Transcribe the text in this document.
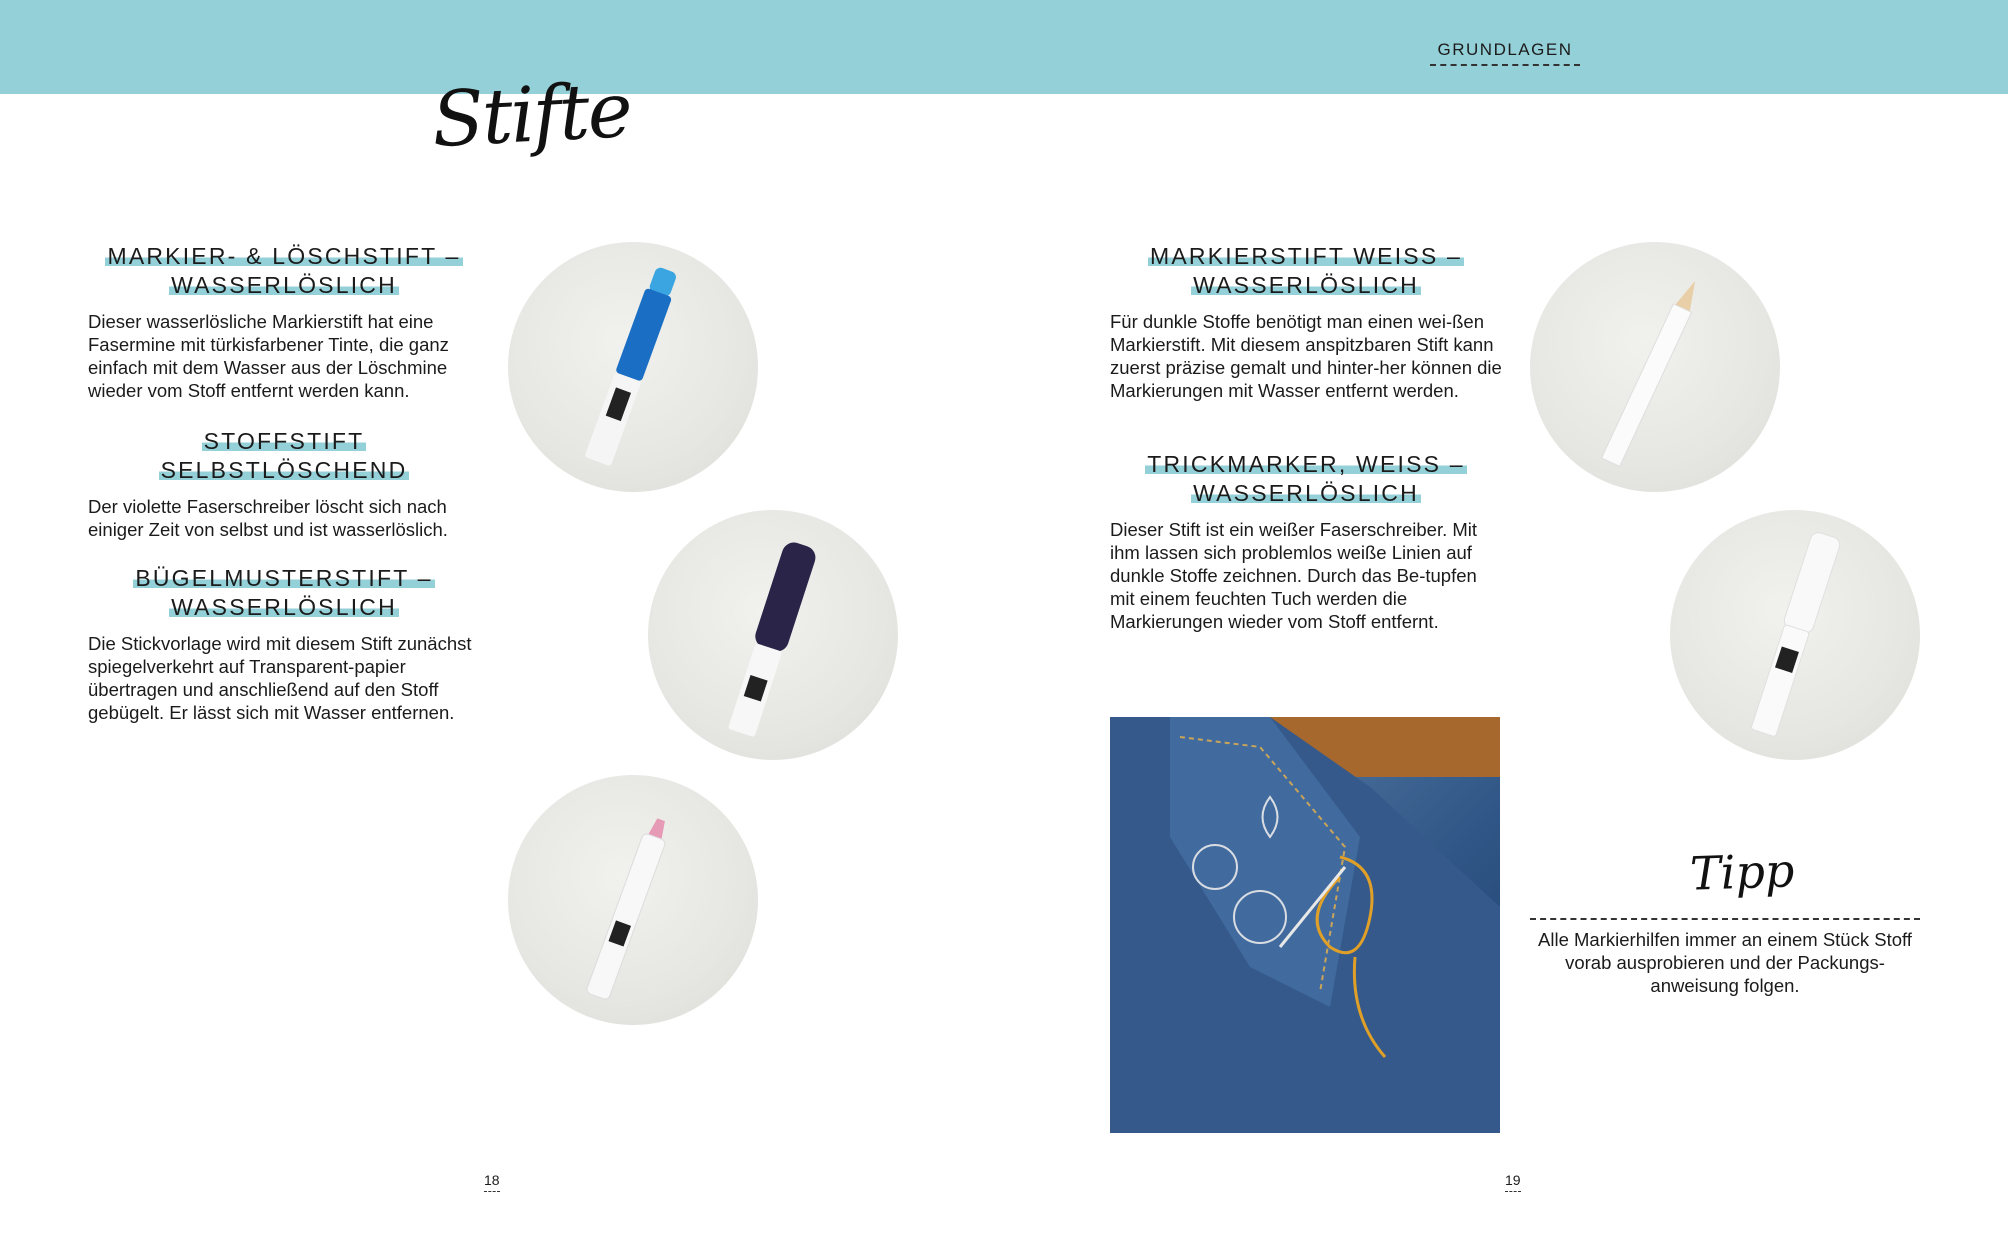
GRUNDLAGEN
Stifte
MARKIER- & LÖSCHSTIFT –
WASSERLÖSLICH

Dieser wasserlösliche Markierstift hat eine Fasermine mit türkisfarbener Tinte, die ganz einfach mit dem Wasser aus der Löschmine wieder vom Stoff entfernt werden kann.

STOFFSTIFT
SELBSTLÖSCHEND

Der violette Faserschreiber löscht sich nach einiger Zeit von selbst und ist wasserlöslich.

BÜGELMUSTERSTIFT –
WASSERLÖSLICH

Die Stickvorlage wird mit diesem Stift zunächst spiegelverkehrt auf Transparent-papier übertragen und anschließend auf den Stoff gebügelt. Er lässt sich mit Wasser entfernen.

MARKIERSTIFT WEISS –
WASSERLÖSLICH

Für dunkle Stoffe benötigt man einen wei-ßen Markierstift. Mit diesem anspitzbaren Stift kann zuerst präzise gemalt und hinter-her können die Markierungen mit Wasser entfernt werden.

TRICKMARKER, WEISS –
WASSERLÖSLICH

Dieser Stift ist ein weißer Faserschreiber. Mit ihm lassen sich problemlos weiße Linien auf dunkle Stoffe zeichnen. Durch das Be-tupfen mit einem feuchten Tuch werden die Markierungen wieder vom Stoff entfernt.

Tipp
Alle Markierhilfen immer an einem Stück Stoff vorab ausprobieren und der Packungs-anweisung folgen.
18	19
